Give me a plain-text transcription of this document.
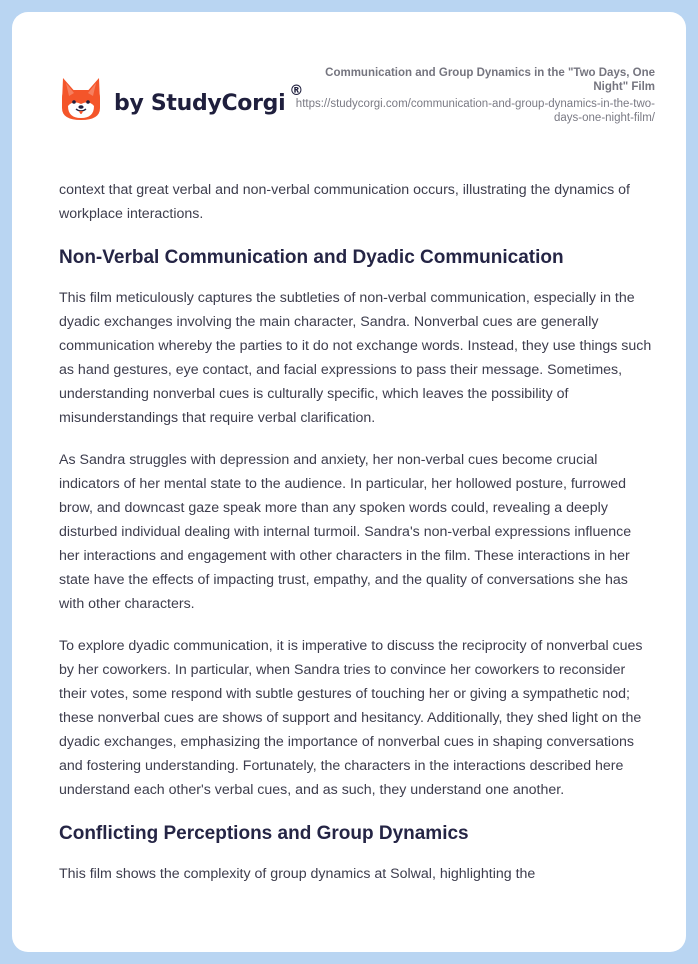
by StudyCorgi ®
Communication and Group Dynamics in the "Two Days, One Night" Film
https://studycorgi.com/communication-and-group-dynamics-in-the-two-days-one-night-film/

context that great verbal and non-verbal communication occurs, illustrating the dynamics of workplace interactions.

Non-Verbal Communication and Dyadic Communication

This film meticulously captures the subtleties of non-verbal communication, especially in the dyadic exchanges involving the main character, Sandra. Nonverbal cues are generally communication whereby the parties to it do not exchange words. Instead, they use things such as hand gestures, eye contact, and facial expressions to pass their message. Sometimes, understanding nonverbal cues is culturally specific, which leaves the possibility of misunderstandings that require verbal clarification.

As Sandra struggles with depression and anxiety, her non-verbal cues become crucial indicators of her mental state to the audience. In particular, her hollowed posture, furrowed brow, and downcast gaze speak more than any spoken words could, revealing a deeply disturbed individual dealing with internal turmoil. Sandra's non-verbal expressions influence her interactions and engagement with other characters in the film. These interactions in her state have the effects of impacting trust, empathy, and the quality of conversations she has with other characters.

To explore dyadic communication, it is imperative to discuss the reciprocity of nonverbal cues by her coworkers. In particular, when Sandra tries to convince her coworkers to reconsider their votes, some respond with subtle gestures of touching her or giving a sympathetic nod; these nonverbal cues are shows of support and hesitancy. Additionally, they shed light on the dyadic exchanges, emphasizing the importance of nonverbal cues in shaping conversations and fostering understanding. Fortunately, the characters in the interactions described here understand each other's verbal cues, and as such, they understand one another.

Conflicting Perceptions and Group Dynamics

This film shows the complexity of group dynamics at Solwal, highlighting the
